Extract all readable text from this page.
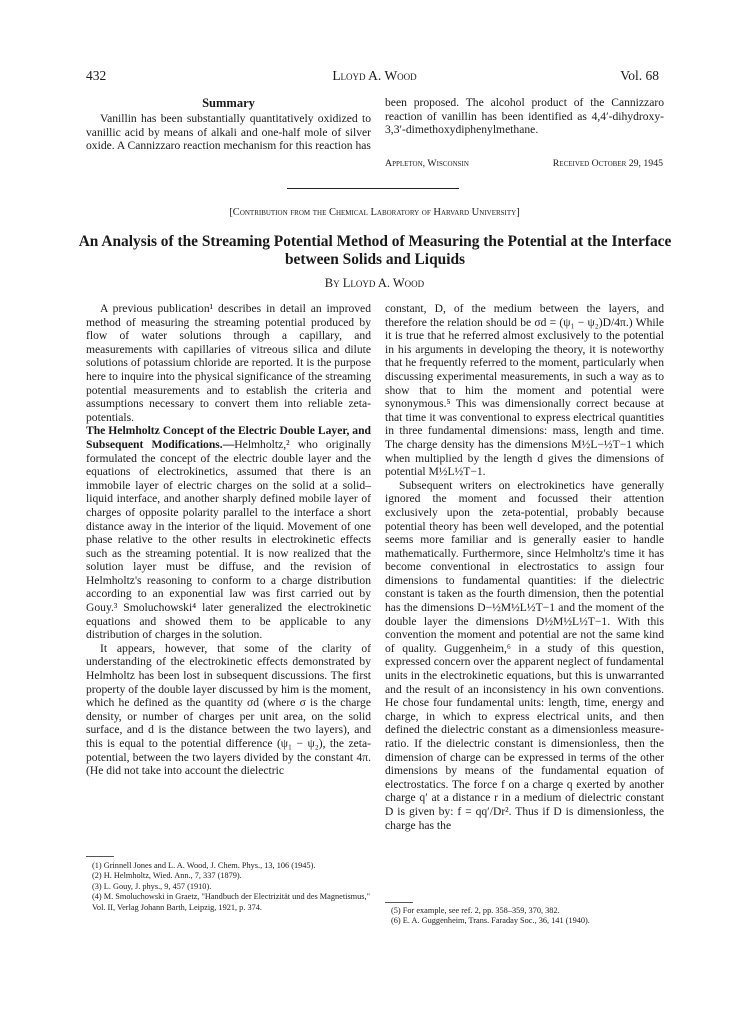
432	Lloyd A. Wood	Vol. 68
Summary

Vanillin has been substantially quantitatively oxidized to vanillic acid by means of alkali and one-half mole of silver oxide. A Cannizzaro reaction mechanism for this reaction has

been proposed. The alcohol product of the Cannizzaro reaction of vanillin has been identified as 4,4′-dihydroxy-3,3′-dimethoxydiphenylmethane.

Appleton, Wisconsin	Received October 29, 1945
[Contribution from the Chemical Laboratory of Harvard University]
An Analysis of the Streaming Potential Method of Measuring the Potential at the Interface between Solids and Liquids
By Lloyd A. Wood

A previous publication¹ describes in detail an improved method of measuring the streaming potential produced by flow of water solutions through a capillary, and measurements with capillaries of vitreous silica and dilute solutions of potassium chloride are reported. It is the purpose here to inquire into the physical significance of the streaming potential measurements and to establish the criteria and assumptions necessary to convert them into reliable zeta-potentials.

The Helmholtz Concept of the Electric Double Layer, and Subsequent Modifications.—Helmholtz,² who originally formulated the concept of the electric double layer and the equations of electrokinetics, assumed that there is an immobile layer of electric charges on the solid at a solid–liquid interface, and another sharply defined mobile layer of charges of opposite polarity parallel to the interface a short distance away in the interior of the liquid. Movement of one phase relative to the other results in electrokinetic effects such as the streaming potential. It is now realized that the solution layer must be diffuse, and the revision of Helmholtz's reasoning to conform to a charge distribution according to an exponential law was first carried out by Gouy.³ Smoluchowski⁴ later generalized the electrokinetic equations and showed them to be applicable to any distribution of charges in the solution.

It appears, however, that some of the clarity of understanding of the electrokinetic effects demonstrated by Helmholtz has been lost in subsequent discussions. The first property of the double layer discussed by him is the moment, which he defined as the quantity σd (where σ is the charge density, or number of charges per unit area, on the solid surface, and d is the distance between the two layers), and this is equal to the potential difference (ψ₁ − ψ₂), the zeta-potential, between the two layers divided by the constant 4π. (He did not take into account the dielectric

(1) Grinnell Jones and L. A. Wood, J. Chem. Phys., 13, 106 (1945).

(2) H. Helmholtz, Wied. Ann., 7, 337 (1879).

(3) L. Gouy, J. phys., 9, 457 (1910).

(4) M. Smoluchowski in Graetz, "Handbuch der Electrizität und des Magnetismus," Vol. II, Verlag Johann Barth, Leipzig, 1921, p. 374.

constant, D, of the medium between the layers, and therefore the relation should be σd = (ψ₁ − ψ₂)D/4π.) While it is true that he referred almost exclusively to the potential in his arguments in developing the theory, it is noteworthy that he frequently referred to the moment, particularly when discussing experimental measurements, in such a way as to show that to him the moment and potential were synonymous.⁵ This was dimensionally correct because at that time it was conventional to express electrical quantities in three fundamental dimensions: mass, length and time. The charge density has the dimensions M½L−½T−1 which when multiplied by the length d gives the dimensions of potential M½L½T−1.

Subsequent writers on electrokinetics have generally ignored the moment and focussed their attention exclusively upon the zeta-potential, probably because potential theory has been well developed, and the potential seems more familiar and is generally easier to handle mathematically. Furthermore, since Helmholtz's time it has become conventional in electrostatics to assign four dimensions to fundamental quantities: if the dielectric constant is taken as the fourth dimension, then the potential has the dimensions D−½M½L½T−1 and the moment of the double layer the dimensions D½M½L½T−1. With this convention the moment and potential are not the same kind of quality. Guggenheim,⁶ in a study of this question, expressed concern over the apparent neglect of fundamental units in the electrokinetic equations, but this is unwarranted and the result of an inconsistency in his own conventions. He chose four fundamental units: length, time, energy and charge, in which to express electrical units, and then defined the dielectric constant as a dimensionless measure-ratio. If the dielectric constant is dimensionless, then the dimension of charge can be expressed in terms of the other dimensions by means of the fundamental equation of electrostatics. The force f on a charge q exerted by another charge q′ at a distance r in a medium of dielectric constant D is given by: f = qq′/Dr². Thus if D is dimensionless, the charge has the

(5) For example, see ref. 2, pp. 358–359, 370, 382.

(6) E. A. Guggenheim, Trans. Faraday Soc., 36, 141 (1940).
